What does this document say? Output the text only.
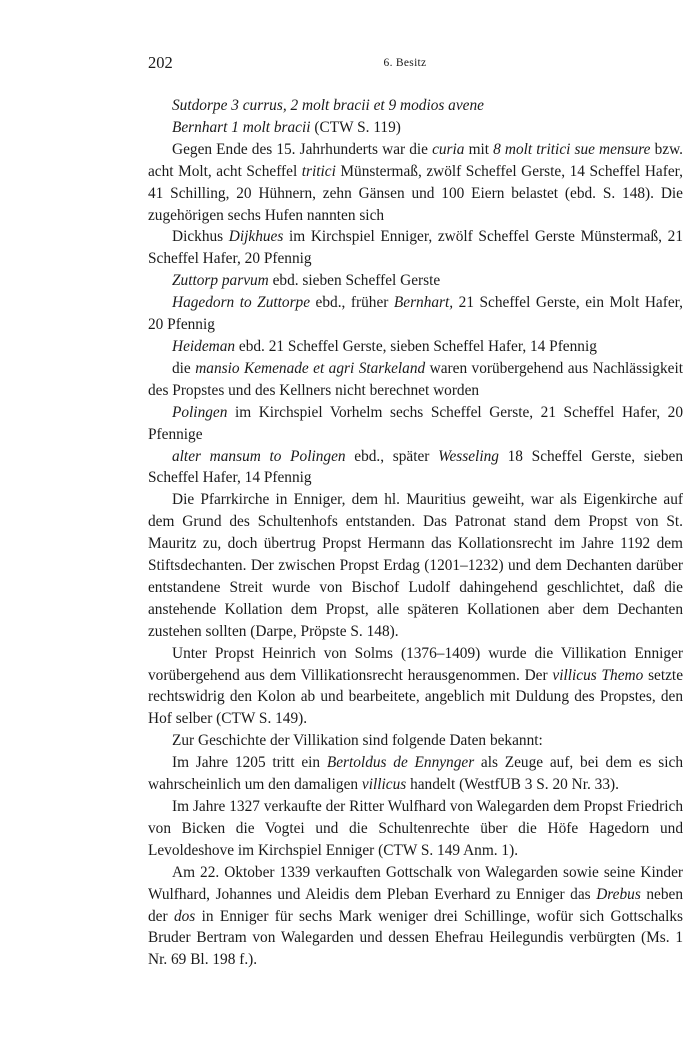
202	6. Besitz

Sutdorpe 3 currus, 2 molt bracii et 9 modios avene

Bernhart 1 molt bracii (CTW S. 119)

Gegen Ende des 15. Jahrhunderts war die curia mit 8 molt tritici sue mensure bzw. acht Molt, acht Scheffel tritici Münstermaß, zwölf Scheffel Gerste, 14 Scheffel Hafer, 41 Schilling, 20 Hühnern, zehn Gänsen und 100 Eiern belastet (ebd. S. 148). Die zugehörigen sechs Hufen nannten sich

Dickhus Dijkhues im Kirchspiel Enniger, zwölf Scheffel Gerste Münstermaß, 21 Scheffel Hafer, 20 Pfennig

Zuttorp parvum ebd. sieben Scheffel Gerste

Hagedorn to Zuttorpe ebd., früher Bernhart, 21 Scheffel Gerste, ein Molt Hafer, 20 Pfennig

Heideman ebd. 21 Scheffel Gerste, sieben Scheffel Hafer, 14 Pfennig

die mansio Kemenade et agri Starkeland waren vorübergehend aus Nachlässigkeit des Propstes und des Kellners nicht berechnet worden

Polingen im Kirchspiel Vorhelm sechs Scheffel Gerste, 21 Scheffel Hafer, 20 Pfennige

alter mansum to Polingen ebd., später Wesseling 18 Scheffel Gerste, sieben Scheffel Hafer, 14 Pfennig

Die Pfarrkirche in Enniger, dem hl. Mauritius geweiht, war als Eigenkirche auf dem Grund des Schultenhofs entstanden. Das Patronat stand dem Propst von St. Mauritz zu, doch übertrug Propst Hermann das Kollationsrecht im Jahre 1192 dem Stiftsdechanten. Der zwischen Propst Erdag (1201–1232) und dem Dechanten darüber entstandene Streit wurde von Bischof Ludolf dahingehend geschlichtet, daß die anstehende Kollation dem Propst, alle späteren Kollationen aber dem Dechanten zustehen sollten (Darpe, Pröpste S. 148).

Unter Propst Heinrich von Solms (1376–1409) wurde die Villikation Enniger vorübergehend aus dem Villikationsrecht herausgenommen. Der villicus Themo setzte rechtswidrig den Kolon ab und bearbeitete, angeblich mit Duldung des Propstes, den Hof selber (CTW S. 149).

Zur Geschichte der Villikation sind folgende Daten bekannt:

Im Jahre 1205 tritt ein Bertoldus de Ennynger als Zeuge auf, bei dem es sich wahrscheinlich um den damaligen villicus handelt (WestfUB 3 S. 20 Nr. 33).

Im Jahre 1327 verkaufte der Ritter Wulfhard von Walegarden dem Propst Friedrich von Bicken die Vogtei und die Schultenrechte über die Höfe Hagedorn und Levoldeshove im Kirchspiel Enniger (CTW S. 149 Anm. 1).

Am 22. Oktober 1339 verkauften Gottschalk von Walegarden sowie seine Kinder Wulfhard, Johannes und Aleidis dem Pleban Everhard zu Enniger das Drebus neben der dos in Enniger für sechs Mark weniger drei Schillinge, wofür sich Gottschalks Bruder Bertram von Walegarden und dessen Ehefrau Heilegundis verbürgten (Ms. 1 Nr. 69 Bl. 198 f.).
